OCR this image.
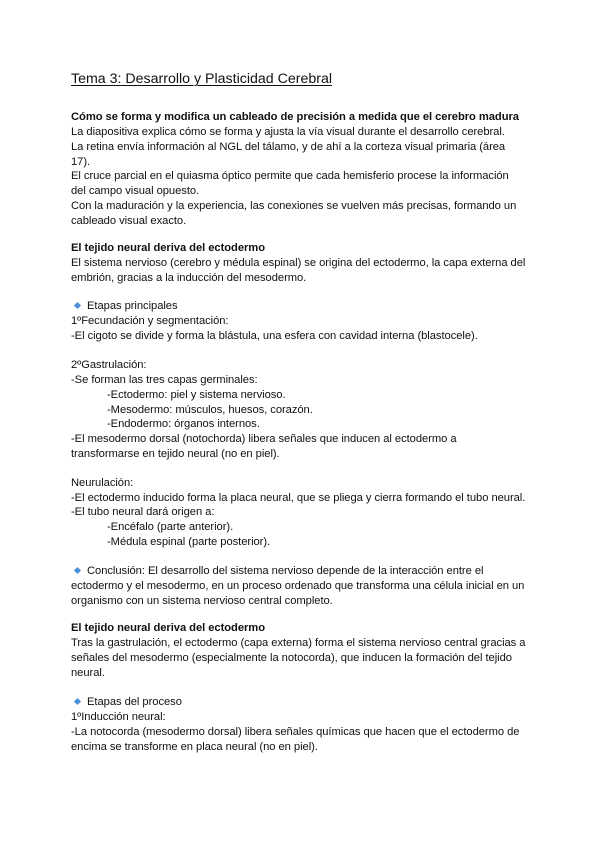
Tema 3: Desarrollo y Plasticidad Cerebral
Cómo se forma y modifica un cableado de precisión a medida que el cerebro madura
La diapositiva explica cómo se forma y ajusta la vía visual durante el desarrollo cerebral.
La retina envía información al NGL del tálamo, y de ahí a la corteza visual primaria (área
17).
El cruce parcial en el quiasma óptico permite que cada hemisferio procese la información
del campo visual opuesto.
Con la maduración y la experiencia, las conexiones se vuelven más precisas, formando un
cableado visual exacto.
El tejido neural deriva del ectodermo
El sistema nervioso (cerebro y médula espinal) se origina del ectodermo, la capa externa del
embrión, gracias a la inducción del mesodermo.
Etapas principales
1ºFecundación y segmentación:
-El cigoto se divide y forma la blástula, una esfera con cavidad interna (blastocele).
2ºGastrulación:
-Se forman las tres capas germinales:
-Ectodermo: piel y sistema nervioso.
-Mesodermo: músculos, huesos, corazón.
-Endodermo: órganos internos.
-El mesodermo dorsal (notochorda) libera señales que inducen al ectodermo a
transformarse en tejido neural (no en piel).
Neurulación:
-El ectodermo inducido forma la placa neural, que se pliega y cierra formando el tubo neural.
-El tubo neural dará origen a:
-Encéfalo (parte anterior).
-Médula espinal (parte posterior).
Conclusión: El desarrollo del sistema nervioso depende de la interacción entre el
ectodermo y el mesodermo, en un proceso ordenado que transforma una célula inicial en un
organismo con un sistema nervioso central completo.
El tejido neural deriva del ectodermo
Tras la gastrulación, el ectodermo (capa externa) forma el sistema nervioso central gracias a
señales del mesodermo (especialmente la notocorda), que inducen la formación del tejido
neural.
Etapas del proceso
1ºInducción neural:
-La notocorda (mesodermo dorsal) libera señales químicas que hacen que el ectodermo de
encima se transforme en placa neural (no en piel).
